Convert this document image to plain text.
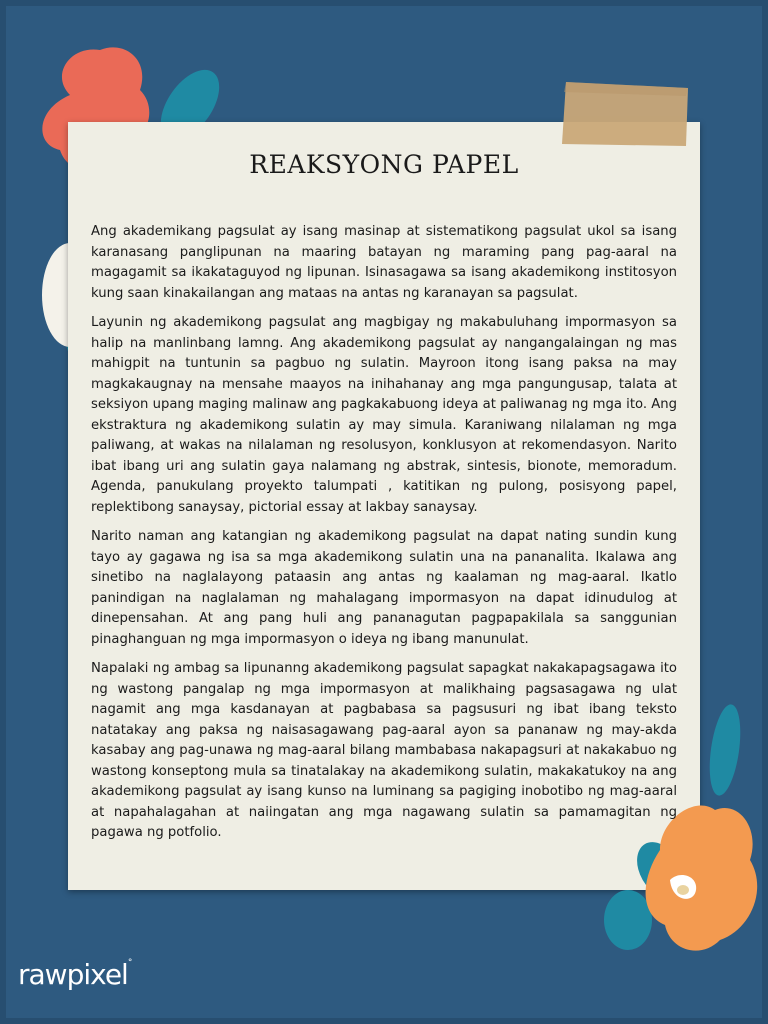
REAKSYONG PAPEL

Ang akademikang pagsulat ay isang masinap at sistematikong pagsulat ukol sa isang karanasang panglipunan na maaring batayan ng maraming pang pag-aaral na magagamit sa ikakataguyod ng lipunan. Isinasagawa sa isang akademikong institosyon kung saan kinakailangan ang mataas na antas ng karanayan sa pagsulat.

Layunin ng akademikong pagsulat ang magbigay ng makabuluhang impormasyon sa halip na manlinbang lamng. Ang akademikong pagsulat ay nangangalaingan ng mas mahigpit na tuntunin sa pagbuo ng sulatin. Mayroon itong isang paksa na may magkakaugnay na mensahe maayos na inihahanay ang mga pangungusap, talata at seksiyon upang maging malinaw ang pagkakabuong ideya at paliwanag ng mga ito. Ang ekstraktura ng akademikong sulatin ay may simula. Karaniwang nilalaman ng mga paliwang, at wakas na nilalaman ng resolusyon, konklusyon at rekomendasyon. Narito ibat ibang uri ang sulatin gaya nalamang ng abstrak, sintesis, bionote, memoradum. Agenda, panukulang proyekto talumpati , katitikan ng pulong, posisyong papel, replektibong sanaysay, pictorial essay at lakbay sanaysay.

Narito naman ang katangian ng akademikong pagsulat na dapat nating sundin kung tayo ay gagawa ng isa sa mga akademikong sulatin una na pananalita. Ikalawa ang sinetibo na naglalayong pataasin ang antas ng kaalaman ng mag-aaral. Ikatlo panindigan na naglalaman ng mahalagang impormasyon na dapat idinudulog at dinepensahan. At ang pang huli ang pananagutan pagpapakilala sa sanggunian pinaghanguan ng mga impormasyon o ideya ng ibang manunulat.

Napalaki ng ambag sa lipunanng akademikong pagsulat sapagkat nakakapagsagawa ito ng wastong pangalap ng mga impormasyon at malikhaing pagsasagawa ng ulat nagamit ang mga kasdanayan at pagbabasa sa pagsusuri ng ibat ibang teksto natatakay ang paksa ng naisasagawang pag-aaral ayon sa pananaw ng may-akda kasabay ang pag-unawa ng mag-aaral bilang mambabasa nakapagsuri at nakakabuo ng wastong konseptong mula sa tinatalakay na akademikong sulatin, makakatukoy na ang akademikong pagsulat ay isang kunso na luminang sa pagiging inobotibo ng mag-aaral at napahalagahan at naiingatan ang mga nagawang sulatin sa pamamagitan ng pagawa ng potfolio.

rawpixel°
